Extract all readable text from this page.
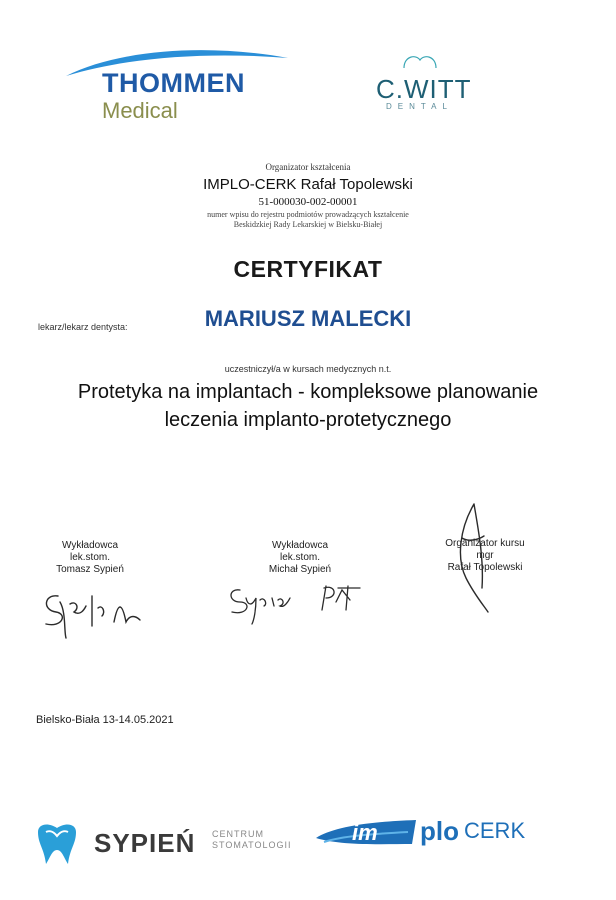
THOMMEN
Medical
C.WITT
DENTAL
Organizator kształcenia
IMPLO-CERK Rafał Topolewski
51-000030-002-00001
numer wpisu do rejestru podmiotów prowadzących kształcenie
Beskidzkiej Rady Lekarskiej w Bielsku-Białej
CERTYFIKAT
lekarz/lekarz dentysta:	MARIUSZ MALECKI
uczestniczył/a w kursach medycznych n.t.
Protetyka na implantach - kompleksowe planowanie
leczenia implanto-protetycznego
Wykładowca
lek.stom.
Tomasz Sypień
Wykładowca
lek.stom.
Michał Sypień
Organizator kursu
mgr
Rafał Topolewski
Bielsko-Biała 13-14.05.2021
SYPIEŃ CENTRUM
STOMATOLOGII	im plo CERK
